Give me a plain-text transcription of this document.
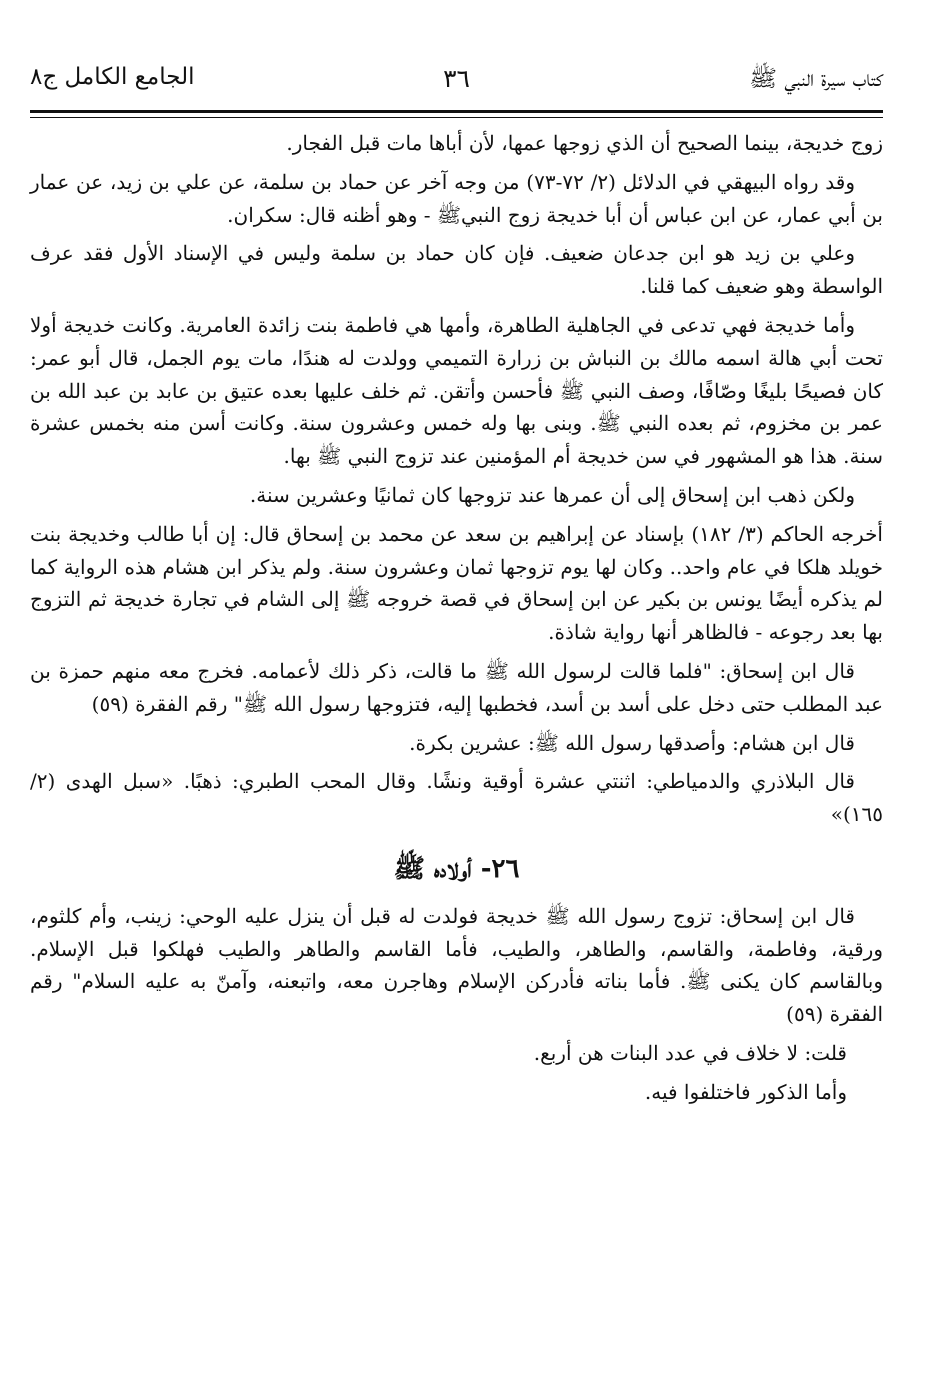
كتاب سيرة النبي ﷺ
٣٦
الجامع الكامل ج٨

زوج خديجة، بينما الصحيح أن الذي زوجها عمها، لأن أباها مات قبل الفجار.

وقد رواه البيهقي في الدلائل (٢/ ٧٢-٧٣) من وجه آخر عن حماد بن سلمة، عن علي بن زيد، عن عمار بن أبي عمار، عن ابن عباس أن أبا خديجة زوج النبيﷺ - وهو أظنه قال: سكران.

وعلي بن زيد هو ابن جدعان ضعيف. فإن كان حماد بن سلمة وليس في الإسناد الأول فقد عرف الواسطة وهو ضعيف كما قلنا.

وأما خديجة فهي تدعى في الجاهلية الطاهرة، وأمها هي فاطمة بنت زائدة العامرية. وكانت خديجة أولا تحت أبي هالة اسمه مالك بن النباش بن زرارة التميمي وولدت له هندًا، مات يوم الجمل، قال أبو عمر: كان فصيحًا بليغًا وصّافًا، وصف النبي ﷺ فأحسن وأتقن. ثم خلف عليها بعده عتيق بن عابد بن عبد الله بن عمر بن مخزوم، ثم بعده النبي ﷺ. وبنى بها وله خمس وعشرون سنة. وكانت أسن منه بخمس عشرة سنة. هذا هو المشهور في سن خديجة أم المؤمنين عند تزوج النبي ﷺ بها.

ولكن ذهب ابن إسحاق إلى أن عمرها عند تزوجها كان ثمانيًا وعشرين سنة.

أخرجه الحاكم (٣/ ١٨٢) بإسناد عن إبراهيم بن سعد عن محمد بن إسحاق قال: إن أبا طالب وخديجة بنت خويلد هلكا في عام واحد.. وكان لها يوم تزوجها ثمان وعشرون سنة. ولم يذكر ابن هشام هذه الرواية كما لم يذكره أيضًا يونس بن بكير عن ابن إسحاق في قصة خروجه ﷺ إلى الشام في تجارة خديجة ثم التزوج بها بعد رجوعه - فالظاهر أنها رواية شاذة.

قال ابن إسحاق: "فلما قالت لرسول الله ﷺ ما قالت، ذكر ذلك لأعمامه. فخرج معه منهم حمزة بن عبد المطلب حتى دخل على أسد بن أسد، فخطبها إليه، فتزوجها رسول الله ﷺ" رقم الفقرة (٥٩)

قال ابن هشام: وأصدقها رسول الله ﷺ: عشرين بكرة.

قال البلاذري والدمياطي: اثنتي عشرة أوقية ونشًا. وقال المحب الطبري: ذهبًا. «سبل الهدى (٢/ ١٦٥)»

٢٦- أولاده ﷺ

قال ابن إسحاق: تزوج رسول الله ﷺ خديجة فولدت له قبل أن ينزل عليه الوحي: زينب، وأم كلثوم، ورقية، وفاطمة، والقاسم، والطاهر، والطيب، فأما القاسم والطاهر والطيب فهلكوا قبل الإسلام. وبالقاسم كان يكنى ﷺ. فأما بناته فأدركن الإسلام وهاجرن معه، واتبعنه، وآمنّ به عليه السلام" رقم الفقرة (٥٩)

قلت: لا خلاف في عدد البنات هن أربع.

وأما الذكور فاختلفوا فيه.
